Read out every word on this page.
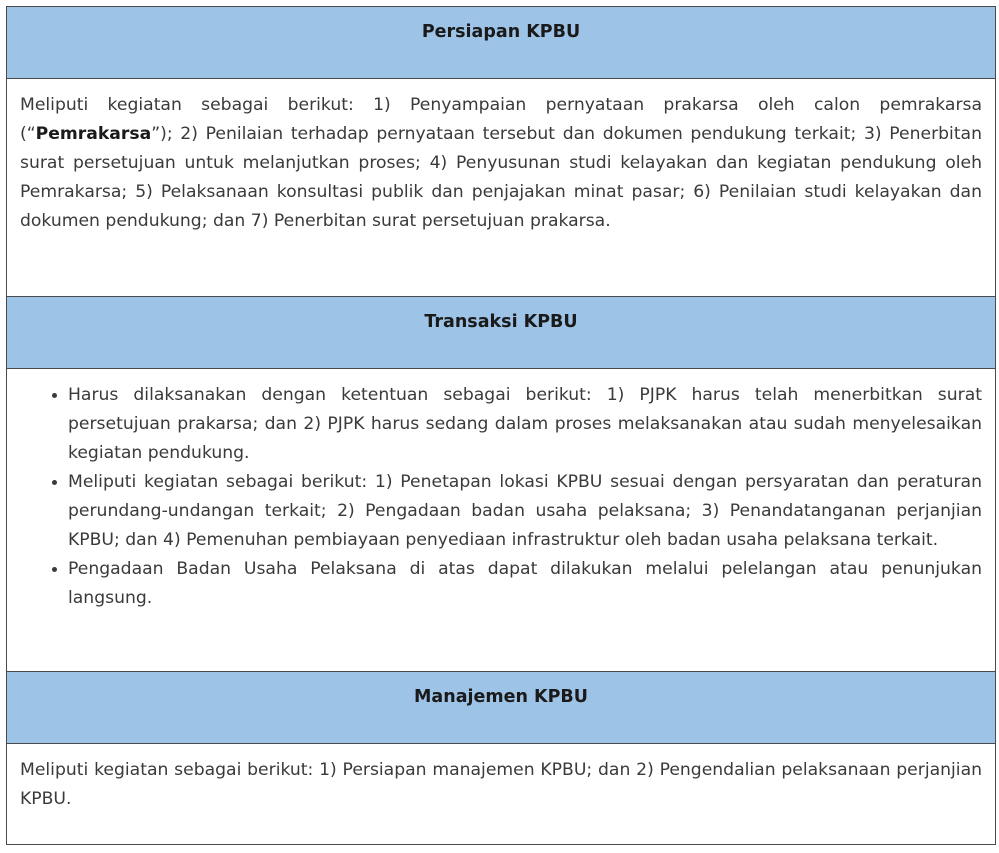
Persiapan KPBU

Meliputi kegiatan sebagai berikut: 1) Penyampaian pernyataan prakarsa oleh calon pemrakarsa (“Pemrakarsa”); 2) Penilaian terhadap pernyataan tersebut dan dokumen pendukung terkait; 3) Penerbitan surat persetujuan untuk melanjutkan proses; 4) Penyusunan studi kelayakan dan kegiatan pendukung oleh Pemrakarsa; 5) Pelaksanaan konsultasi publik dan penjajakan minat pasar; 6) Penilaian studi kelayakan dan dokumen pendukung; dan 7) Penerbitan surat persetujuan prakarsa.

Transaksi KPBU

• Harus dilaksanakan dengan ketentuan sebagai berikut: 1) PJPK harus telah menerbitkan surat persetujuan prakarsa; dan 2) PJPK harus sedang dalam proses melaksanakan atau sudah menyelesaikan kegiatan pendukung.
• Meliputi kegiatan sebagai berikut: 1) Penetapan lokasi KPBU sesuai dengan persyaratan dan peraturan perundang-undangan terkait; 2) Pengadaan badan usaha pelaksana; 3) Penandatanganan perjanjian KPBU; dan 4) Pemenuhan pembiayaan penyediaan infrastruktur oleh badan usaha pelaksana terkait.
• Pengadaan Badan Usaha Pelaksana di atas dapat dilakukan melalui pelelangan atau penunjukan langsung.

Manajemen KPBU

Meliputi kegiatan sebagai berikut: 1) Persiapan manajemen KPBU; dan 2) Pengendalian pelaksanaan perjanjian KPBU.
